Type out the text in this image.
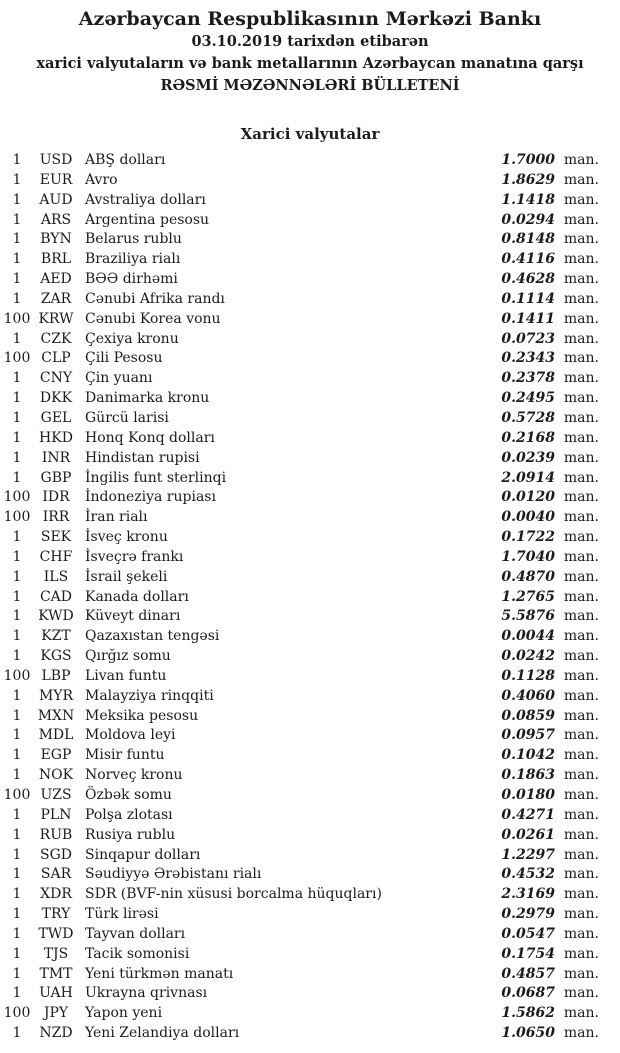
Azərbaycan Respublikasının Mərkəzi Bankı
03.10.2019 tarixdən etibarən
xarici valyutaların və bank metallarının Azərbaycan manatına qarşı
RƏSMİ MƏZƏNNƏLƏRİ BÜLLETENİ
Xarici valyutalar
1	USD ABŞ dolları	1.7000 man.
1	EUR Avro	1.8629 man.
1	AUD Avstraliya dolları	1.1418 man.
1	ARS Argentina pesosu	0.0294 man.
1	BYN Belarus rublu	0.8148 man.
1	BRL Braziliya rialı	0.4116 man.
1	AED BƏƏ dirhəmi	0.4628 man.
1	ZAR Cənubi Afrika randı	0.1114 man.
100 KRW Cənubi Korea vonu	0.1411 man.
1	CZK Çexiya kronu	0.0723 man.
100 CLP	Çili Pesosu	0.2343 man.
1	CNY Çin yuanı	0.2378 man.
1	DKK Danimarka kronu	0.2495 man.
1	GEL Gürcü larisi	0.5728 man.
1	HKD Honq Konq dolları	0.2168 man.
1	INR	Hindistan rupisi	0.0239 man.
1	GBP İngilis funt sterlinqi	2.0914 man.
100 IDR	İndoneziya rupiası	0.0120 man.
100 IRR	İran rialı	0.0040 man.
1	SEK İsveç kronu	0.1722 man.
1	CHF İsveçrə frankı	1.7040 man.
1	ILS	İsrail şekeli	0.4870 man.
1	CAD Kanada dolları	1.2765 man.
1	KWD Küveyt dinarı	5.5876 man.
1	KZT	Qazaxıstan tengəsi	0.0044 man.
1	KGS Qırğız somu	0.0242 man.
100 LBP	Livan funtu	0.1128 man.
1	MYR Malayziya rinqqiti	0.4060 man.
1	MXN Meksika pesosu	0.0859 man.
1	MDL Moldova leyi	0.0957 man.
1	EGP Misir funtu	0.1042 man.
1	NOK Norveç kronu	0.1863 man.
100 UZS Özbək somu	0.0180 man.
1	PLN Polşa zlotası	0.4271 man.
1	RUB Rusiya rublu	0.0261 man.
1	SGD Sinqapur dolları	1.2297 man.
1	SAR Səudiyyə Ərəbistanı rialı	0.4532 man.
1	XDR SDR (BVF-nin xüsusi borcalma hüquqları)	2.3169 man.
1	TRY	Türk lirəsi	0.2979 man.
1	TWD Tayvan dolları	0.0547 man.
1	TJS	Tacik somonisi	0.1754 man.
1	TMT Yeni türkmən manatı	0.4857 man.
1	UAH Ukrayna qrivnası	0.0687 man.
100 JPY	Yapon yeni	1.5862 man.
1	NZD Yeni Zelandiya dolları	1.0650 man.
